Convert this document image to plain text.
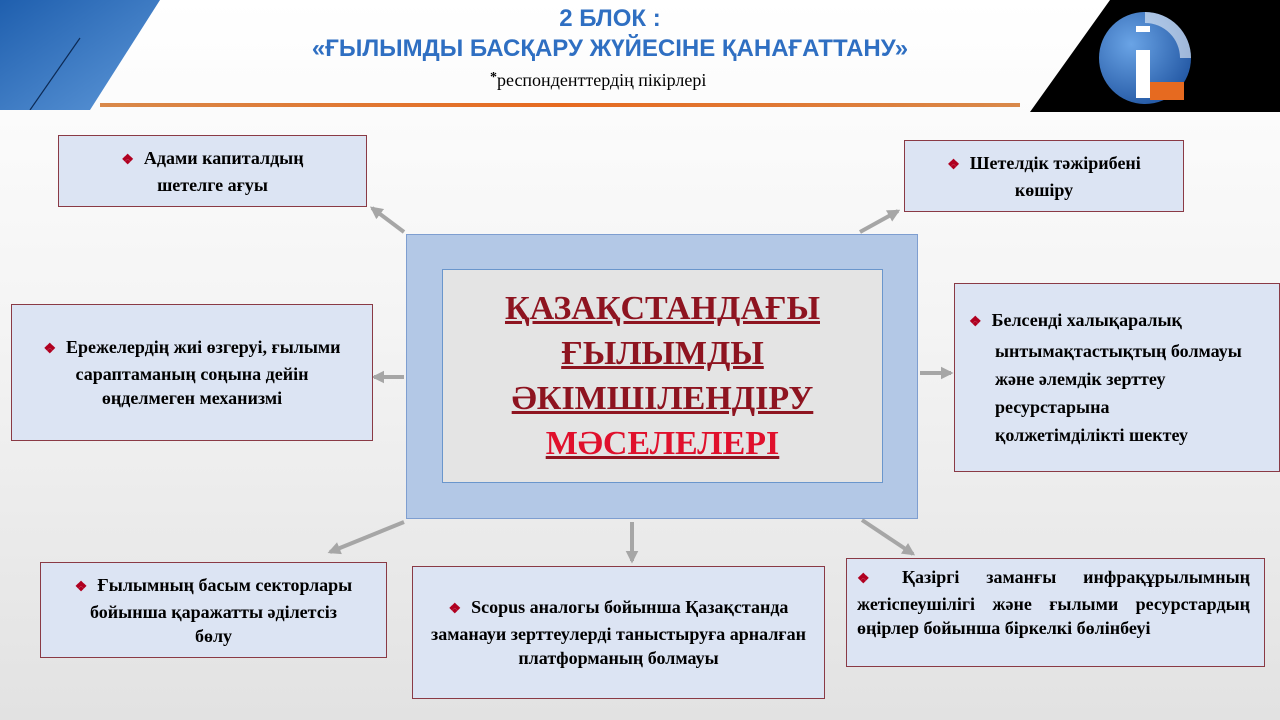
2 БЛОК :
«ҒЫЛЫМДЫ БАСҚАРУ ЖҮЙЕСІНЕ ҚАНАҒАТТАНУ»
*респонденттердің пікірлері
ҚАЗАҚСТАНДАҒЫ
ҒЫЛЫМДЫ
ӘКІМШІЛЕНДІРУ
МӘСЕЛЕЛЕРІ
❖ Адами капиталдың шетелге ағуы
❖ Шетелдік тәжірибені көшіру
❖ Ережелердің жиі өзгеруі, ғылыми сараптаманың соңына дейін өңделмеген механизмі
❖ Белсенді халықаралық ынтымақтастықтың болмауы және әлемдік зерттеу ресурстарына қолжетімділікті шектеу
❖ Ғылымның басым секторлары бойынша қаражатты әділетсіз бөлу
❖ Scopus аналогы бойынша Қазақстанда заманауи зерттеулерді таныстыруға арналған платформаның болмауы
❖ Қазіргі заманғы инфрақұрылымның жетіспеушілігі және ғылыми ресурстардың өңірлер бойынша біркелкі бөлінбеуі
